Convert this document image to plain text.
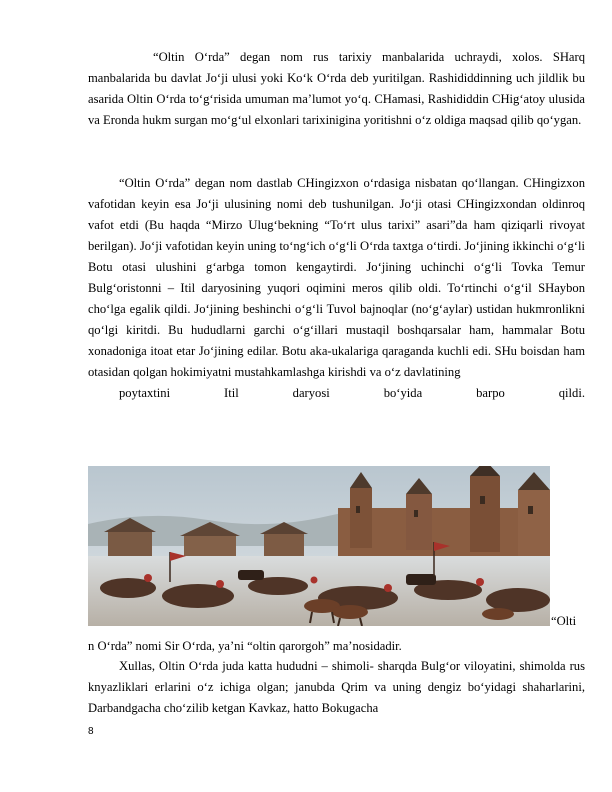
“Oltin O‘rda” degan nom rus tarixiy manbalarida uchraydi, xolos. SHarq manbalarida bu davlat Jo‘ji ulusi yoki Ko‘k O‘rda deb yuritilgan. Rashididdinning uch jildlik bu asarida Oltin O‘rda to‘g‘risida umuman ma’lumot yo‘q. CHamasi, Rashididdin CHig‘atoy ulusida va Eronda hukm surgan mo‘g‘ul elxonlari tarixinigina yoritishni o‘z oldiga maqsad qilib qo‘ygan.

“Oltin O‘rda” degan nom dastlab CHingizxon o‘rdasiga nisbatan qo‘llangan. CHingizxon vafotidan keyin esa Jo‘ji ulusining nomi deb tushunilgan. Jo‘ji otasi CHingizxondan oldinroq vafot etdi (Bu haqda “Mirzo Ulug‘bekning “To‘rt ulus tarixi” asari”da ham qiziqarli rivoyat berilgan). Jo‘ji vafotidan keyin uning to‘ng‘ich o‘g‘li O‘rda taxtga o‘tirdi. Jo‘jining ikkinchi o‘g‘li Botu otasi ulushini g‘arbga tomon kengaytirdi. Jo‘jining uchinchi o‘g‘li Tovka Temur Bulg‘oristonni – Itil daryosining yuqori oqimini meros qilib oldi. To‘rtinchi o‘g‘il SHaybon cho‘lga egalik qildi. Jo‘jining beshinchi o‘g‘li Tuvol bajnoqlar (no‘g‘aylar) ustidan hukmronlikni qo‘lgi kiritdi. Bu hududlarni garchi o‘g‘illari mustaqil boshqarsalar ham, hammalar Botu xonadoniga itoat etar Jo‘jining edilar. Botu aka-ukalariga qaraganda kuchli edi. SHu boisdan ham otasidan qolgan hokimiyatni mustahkamlashga kirishdi va o‘z davlatining
poytaxtini Itil daryosi bo‘yida barpo qildi.

“Olti

n O‘rda” nomi Sir O‘rda, ya’ni “oltin qarorgoh” ma’nosidadir.

Xullas, Oltin O‘rda juda katta hududni – shimoli- sharqda Bulg‘or viloyatini, shimolda rus knyazliklari erlarini o‘z ichiga olgan; janubda Qrim va uning dengiz bo‘yidagi shaharlarini, Darbandgacha cho‘zilib ketgan Kavkaz, hatto Bokugacha

8
